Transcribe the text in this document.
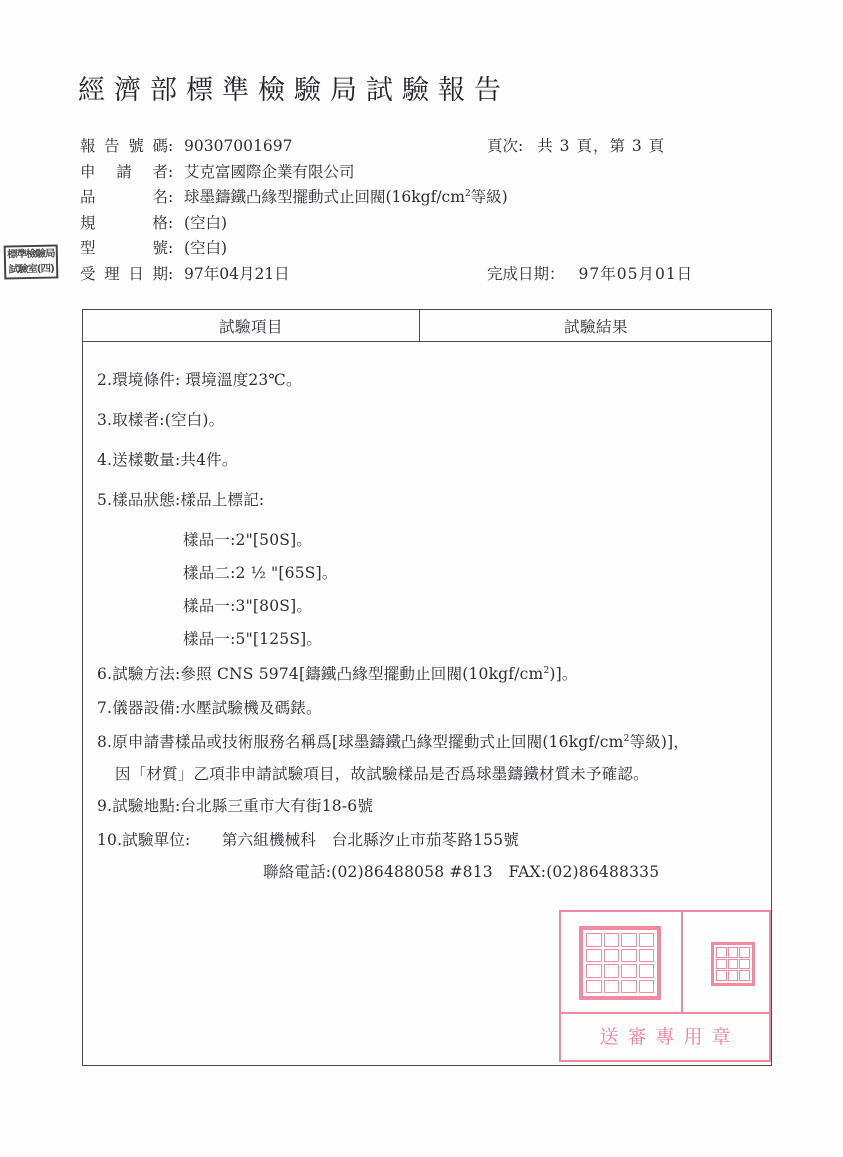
經濟部標準檢驗局試驗報告
報告號碼: 90307001697	頁次: 共 3 頁，第 3 頁
申 請 者: 艾克富國際企業有限公司
品 名: 球墨鑄鐵凸緣型擺動式止回閥($16kgf/cm^2$等級)
規 格: (空白)
型 號: (空白)
受理日期: 97年04月21日	完成日期： 97年05月01日
標準檢驗局
試驗室(四)
試驗項目	試驗結果
2.環境條件: 環境溫度23℃。
3.取樣者:(空白)。
4.送樣數量:共4件。
5.樣品狀態:樣品上標記:
樣品一:2"[50S]。
樣品二:2 ½ "[65S]。
樣品一:3"[80S]。
樣品一:5"[125S]。
6.試驗方法:參照 CNS 5974[鑄鐵凸緣型擺動止回閥$(10kgf/cm^2)$]。
7.儀器設備:水壓試驗機及碼錶。
8.原申請書樣品或技術服務名稱爲[球墨鑄鐵凸緣型擺動式止回閥($16kgf/cm^2$等級)]，
因「材質」乙項非申請試驗項目，故試驗樣品是否爲球墨鑄鐵材質未予確認。
9.試驗地點:台北縣三重市大有街18-6號
10.試驗單位:　　第六組機械科　台北縣汐止市茄苳路155號
聯絡電話:(02)86488058 #813　FAX:(02)86488335
送審專用章
